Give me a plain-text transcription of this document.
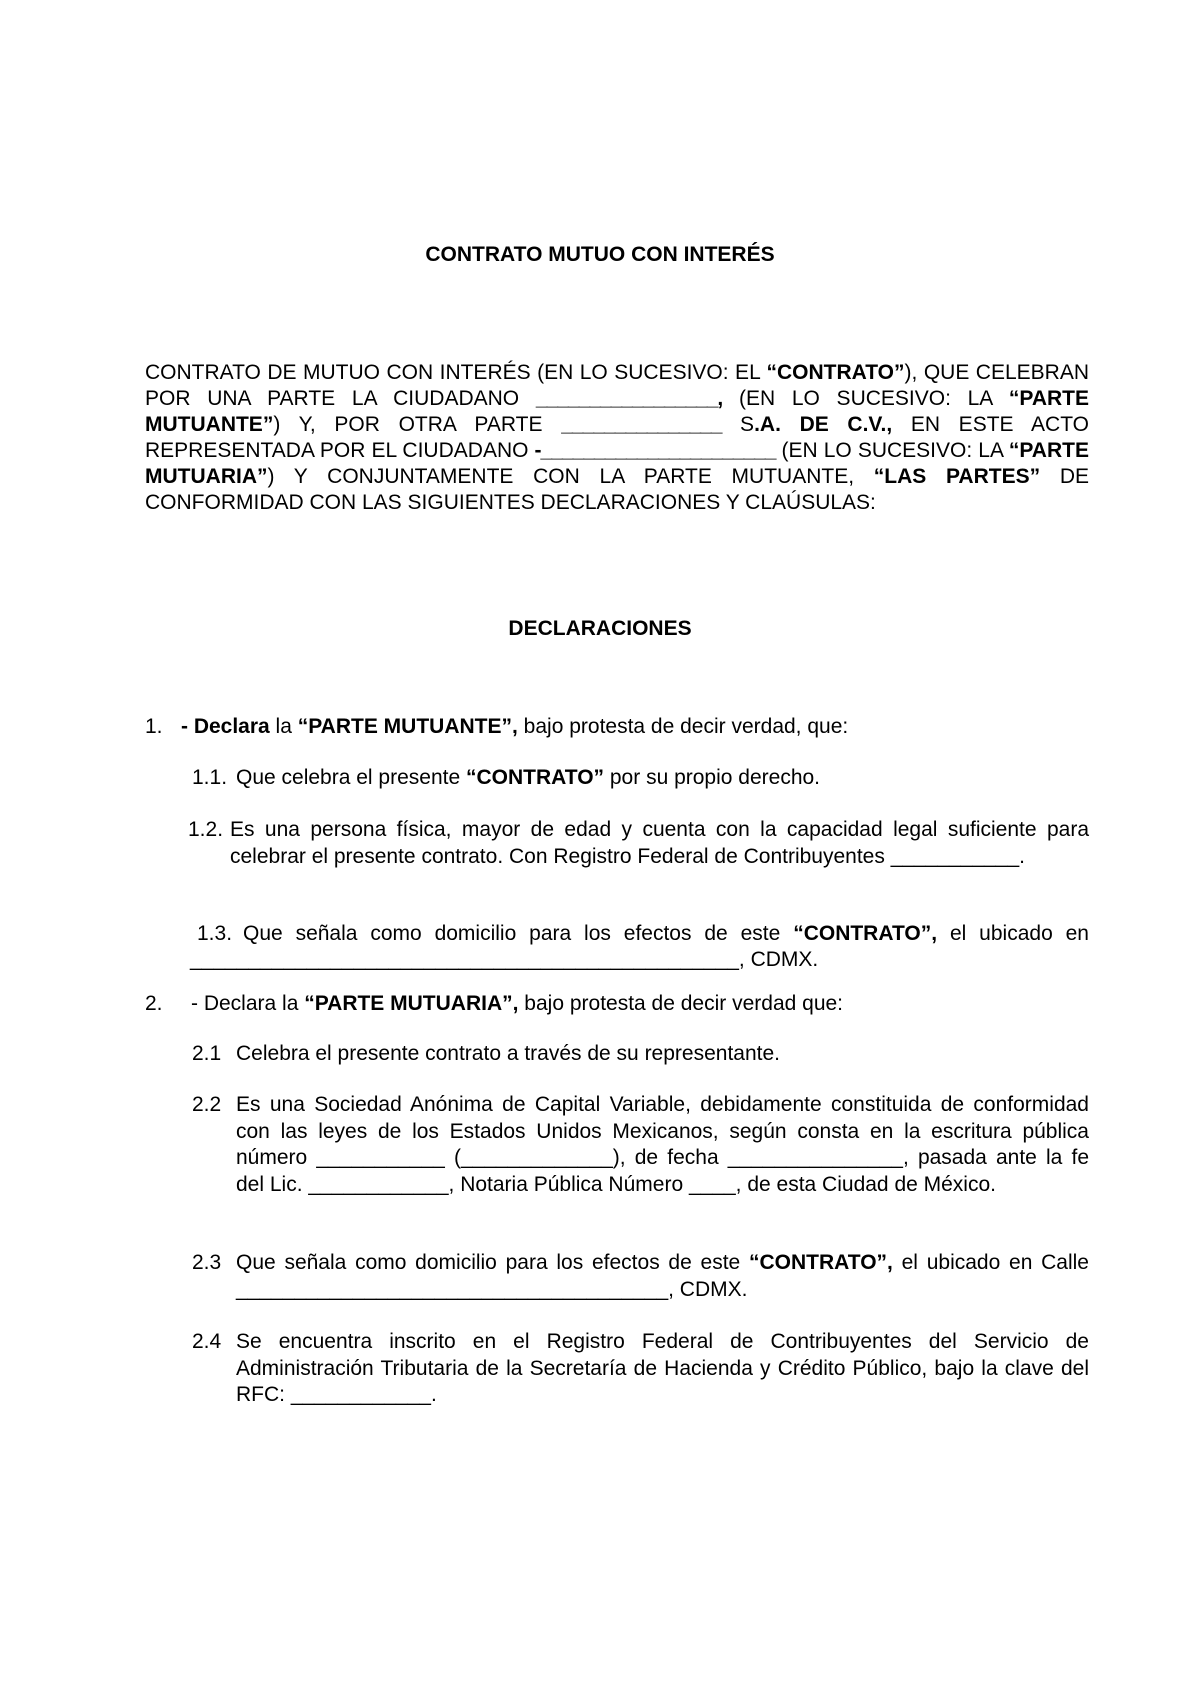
CONTRATO MUTUO CON INTERÉS
CONTRATO DE MUTUO CON INTERÉS (EN LO SUCESIVO: EL “CONTRATO”), QUE CELEBRAN POR UNA PARTE LA CIUDADANO _________________, (EN LO SUCESIVO: LA “PARTE MUTUANTE”) Y, POR OTRA PARTE _______________ S.A. DE C.V., EN ESTE ACTO REPRESENTADA POR EL CIUDADANO -______________________ (EN LO SUCESIVO: LA “PARTE MUTUARIA”) Y CONJUNTAMENTE CON LA PARTE MUTUANTE, “LAS PARTES” DE CONFORMIDAD CON LAS SIGUIENTES DECLARACIONES Y CLAÚSULAS:
DECLARACIONES
1. - Declara la “PARTE MUTUANTE”, bajo protesta de decir verdad, que:
1.1. Que celebra el presente “CONTRATO” por su propio derecho.
1.2. Es una persona física, mayor de edad y cuenta con la capacidad legal suficiente para celebrar el presente contrato. Con Registro Federal de Contribuyentes ___________.
1.3. Que señala como domicilio para los efectos de este “CONTRATO”, el ubicado en
_______________________________________________, CDMX.
2.	- Declara la “PARTE MUTUARIA”, bajo protesta de decir verdad que:
2.1 Celebra el presente contrato a través de su representante.
2.2 Es una Sociedad Anónima de Capital Variable, debidamente constituida de conformidad con las leyes de los Estados Unidos Mexicanos, según consta en la escritura pública número ___________ (_____________), de fecha _______________, pasada ante la fe del Lic. ____________, Notaria Pública Número ____, de esta Ciudad de México.
2.3 Que señala como domicilio para los efectos de este “CONTRATO”, el ubicado en Calle _____________________________________, CDMX.
2.4 Se encuentra inscrito en el Registro Federal de Contribuyentes del Servicio de Administración Tributaria de la Secretaría de Hacienda y Crédito Público, bajo la clave del RFC: ____________.
